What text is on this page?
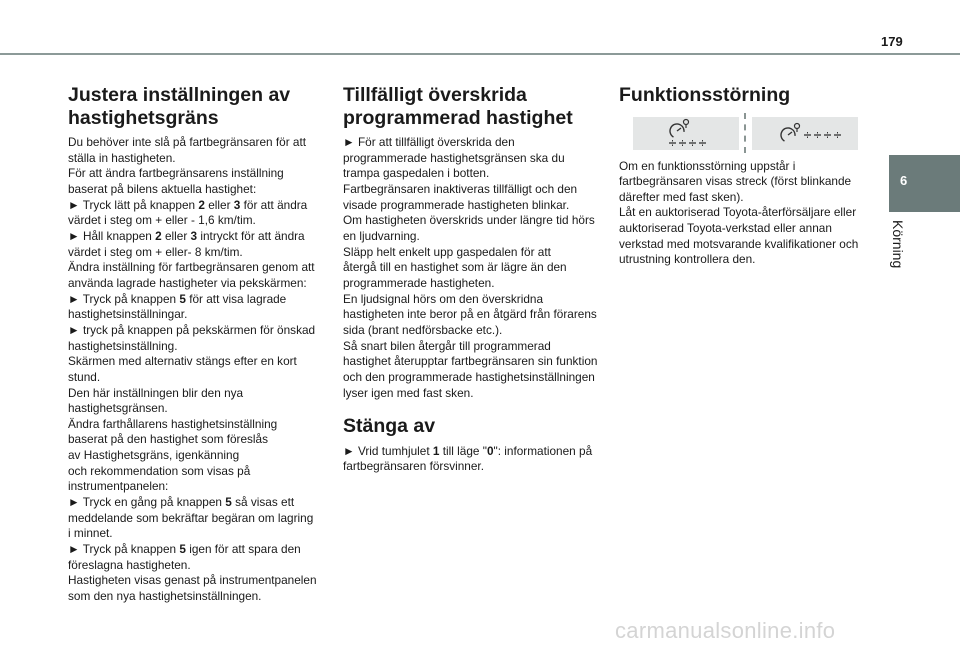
179
6
Körning
Justera inställningen av
hastighetsgräns
Du behöver inte slå på fartbegränsaren för att
ställa in hastigheten.
För att ändra fartbegränsarens inställning
baserat på bilens aktuella hastighet:
► Tryck lätt på knappen 2 eller 3 för att ändra
värdet i steg om + eller - 1,6 km/tim.
► Håll knappen 2 eller 3 intryckt för att ändra
värdet i steg om + eller- 8 km/tim.
Ändra inställning för fartbegränsaren genom att
använda lagrade hastigheter via pekskärmen:
► Tryck på knappen 5 för att visa lagrade
hastighetsinställningar.
► tryck på knappen på pekskärmen för önskad
hastighetsinställning.
Skärmen med alternativ stängs efter en kort
stund.
Den här inställningen blir den nya
hastighetsgränsen.
Ändra farthållarens hastighetsinställning
baserat på den hastighet som föreslås
av Hastighetsgräns, igenkänning
och rekommendation som visas på
instrumentpanelen:
► Tryck en gång på knappen 5 så visas ett
meddelande som bekräftar begäran om lagring
i minnet.
► Tryck på knappen 5 igen för att spara den
föreslagna hastigheten.
Hastigheten visas genast på instrumentpanelen
som den nya hastighetsinställningen.
Tillfälligt överskrida
programmerad hastighet
► För att tillfälligt överskrida den
programmerade hastighetsgränsen ska du
trampa gaspedalen i botten.
Fartbegränsaren inaktiveras tillfälligt och den
visade programmerade hastigheten blinkar.
Om hastigheten överskrids under längre tid hörs
en ljudvarning.
Släpp helt enkelt upp gaspedalen för att
återgå till en hastighet som är lägre än den
programmerade hastigheten.
En ljudsignal hörs om den överskridna
hastigheten inte beror på en åtgärd från förarens
sida (brant nedförsbacke etc.).
Så snart bilen återgår till programmerad
hastighet återupptar fartbegränsaren sin funktion
och den programmerade hastighetsinställningen
lyser igen med fast sken.
Stänga av
► Vrid tumhjulet 1 till läge "0": informationen på
fartbegränsaren försvinner.
Funktionsstörning
Om en funktionsstörning uppstår i
fartbegränsaren visas streck (först blinkande
därefter med fast sken).
Låt en auktoriserad Toyota-återförsäljare eller
auktoriserad Toyota-verkstad eller annan
verkstad med motsvarande kvalifikationer och
utrustning kontrollera den.
carmanualsonline.info
